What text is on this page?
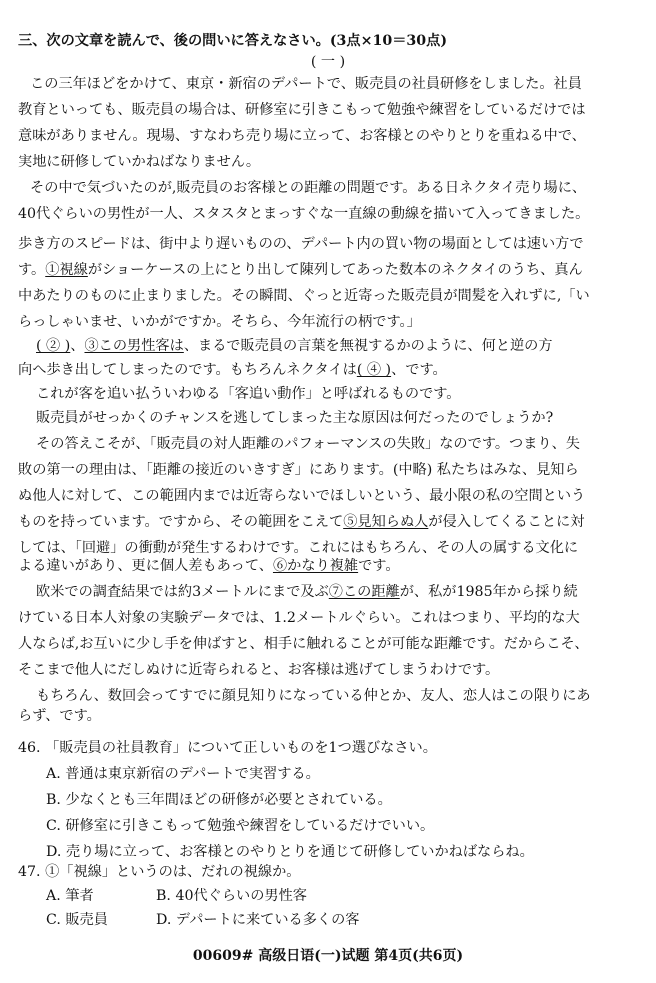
三、次の文章を読んで、後の問いに答えなさい。(3点×10＝30点)
( 一 )
この三年ほどをかけて、東京・新宿のデパートで、販売員の社員研修をしました。社員
教育といっても、販売員の場合は、研修室に引きこもって勉強や練習をしているだけでは
意味がありません。現場、すなわち売り場に立って、お客様とのやりとりを重ねる中で、
実地に研修していかねばなりません。
その中で気づいたのが,販売員のお客様との距離の問題です。ある日ネクタイ売り場に、
40代ぐらいの男性が一人、スタスタとまっすぐな一直線の動線を描いて入ってきました。
歩き方のスピードは、街中より遅いものの、デパート内の買い物の場面としては速い方で
す。①視線がショーケースの上にとり出して陳列してあった数本のネクタイのうち、真ん
中あたりのものに止まりました。その瞬間、ぐっと近寄った販売員が間髪を入れずに,「い
らっしゃいませ、いかがですか。そちら、今年流行の柄です。」
( ② )、③この男性客は、まるで販売員の言葉を無視するかのように、何と逆の方
向へ歩き出してしまったのです。もちろんネクタイは( ④ )、です。
これが客を追い払ういわゆる「客追い動作」と呼ばれるものです。
販売員がせっかくのチャンスを逃してしまった主な原因は何だったのでしょうか?
その答えこそが、「販売員の対人距離のパフォーマンスの失敗」なのです。つまり、失
敗の第一の理由は、「距離の接近のいきすぎ」にあります。(中略) 私たちはみな、見知ら
ぬ他人に対して、この範囲内までは近寄らないでほしいという、最小限の私の空間という
ものを持っています。ですから、その範囲をこえて⑤見知らぬ人が侵入してくることに対
しては、「回避」の衝動が発生するわけです。これにはもちろん、その人の属する文化に
よる違いがあり、更に個人差もあって、⑥かなり複雑です。
欧米での調査結果では約3メートルにまで及ぶ⑦この距離が、私が1985年から採り続
けている日本人対象の実験データでは、1.2メートルぐらい。これはつまり、平均的な大
人ならば,お互いに少し手を伸ばすと、相手に触れることが可能な距離です。だからこそ、
そこまで他人にだしぬけに近寄られると、お客様は逃げてしまうわけです。
もちろん、数回会ってすでに顔見知りになっている仲とか、友人、恋人はこの限りにあ
らず、です。
46. 「販売員の社員教育」について正しいものを1つ選びなさい。
A. 普通は東京新宿のデパートで実習する。
B. 少なくとも三年間ほどの研修が必要とされている。
C. 研修室に引きこもって勉強や練習をしているだけでいい。
D. 売り場に立って、お客様とのやりとりを通じて研修していかねばならね。
47. ①「視線」というのは、だれの視線か。
A. 筆者	B. 40代ぐらいの男性客
C. 販売員	D. デパートに来ている多くの客
00609# 高级日语(一)试题 第4页(共6页)
